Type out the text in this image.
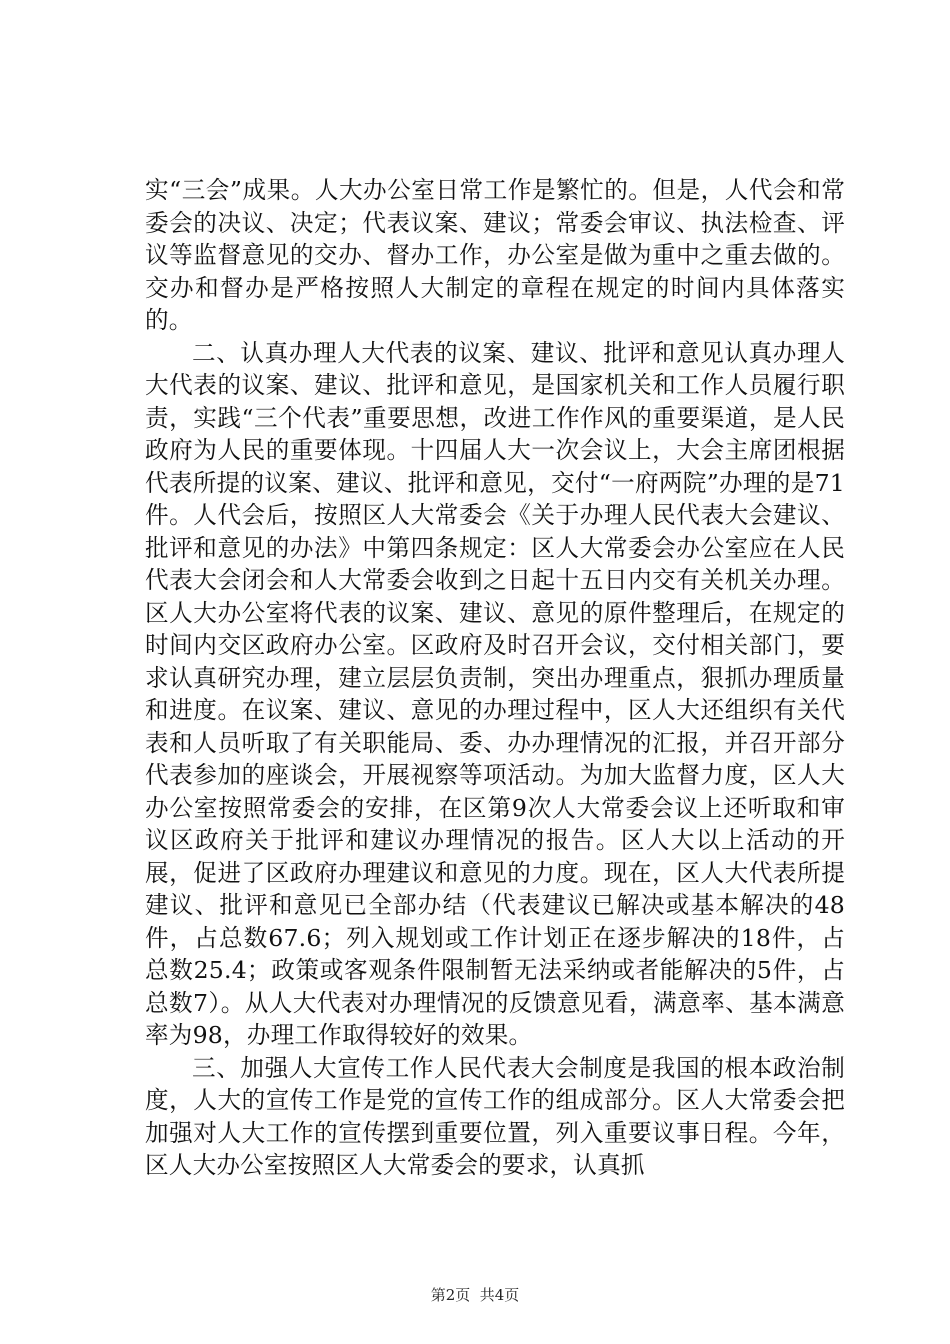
实“三会”成果。人大办公室日常工作是繁忙的。但是，人代会和常委会的决议、决定；代表议案、建议；常委会审议、执法检查、评议等监督意见的交办、督办工作，办公室是做为重中之重去做的。交办和督办是严格按照人大制定的章程在规定的时间内具体落实的。

二、认真办理人大代表的议案、建议、批评和意见认真办理人大代表的议案、建议、批评和意见，是国家机关和工作人员履行职责，实践“三个代表”重要思想，改进工作作风的重要渠道，是人民政府为人民的重要体现。十四届人大一次会议上，大会主席团根据代表所提的议案、建议、批评和意见，交付“一府两院”办理的是71件。人代会后，按照区人大常委会《关于办理人民代表大会建议、批评和意见的办法》中第四条规定：区人大常委会办公室应在人民代表大会闭会和人大常委会收到之日起十五日内交有关机关办理。区人大办公室将代表的议案、建议、意见的原件整理后，在规定的时间内交区政府办公室。区政府及时召开会议，交付相关部门，要求认真研究办理，建立层层负责制，突出办理重点，狠抓办理质量和进度。在议案、建议、意见的办理过程中，区人大还组织有关代表和人员听取了有关职能局、委、办办理情况的汇报，并召开部分代表参加的座谈会，开展视察等项活动。为加大监督力度，区人大办公室按照常委会的安排，在区第9次人大常委会议上还听取和审议区政府关于批评和建议办理情况的报告。区人大以上活动的开展，促进了区政府办理建议和意见的力度。现在，区人大代表所提建议、批评和意见已全部办结（代表建议已解决或基本解决的48件，占总数67.6；列入规划或工作计划正在逐步解决的18件，占总数25.4；政策或客观条件限制暂无法采纳或者能解决的5件，占总数7）。从人大代表对办理情况的反馈意见看，满意率、基本满意率为98，办理工作取得较好的效果。

三、加强人大宣传工作人民代表大会制度是我国的根本政治制度，人大的宣传工作是党的宣传工作的组成部分。区人大常委会把加强对人大工作的宣传摆到重要位置，列入重要议事日程。今年，区人大办公室按照区人大常委会的要求，认真抓

第2页  共4页
